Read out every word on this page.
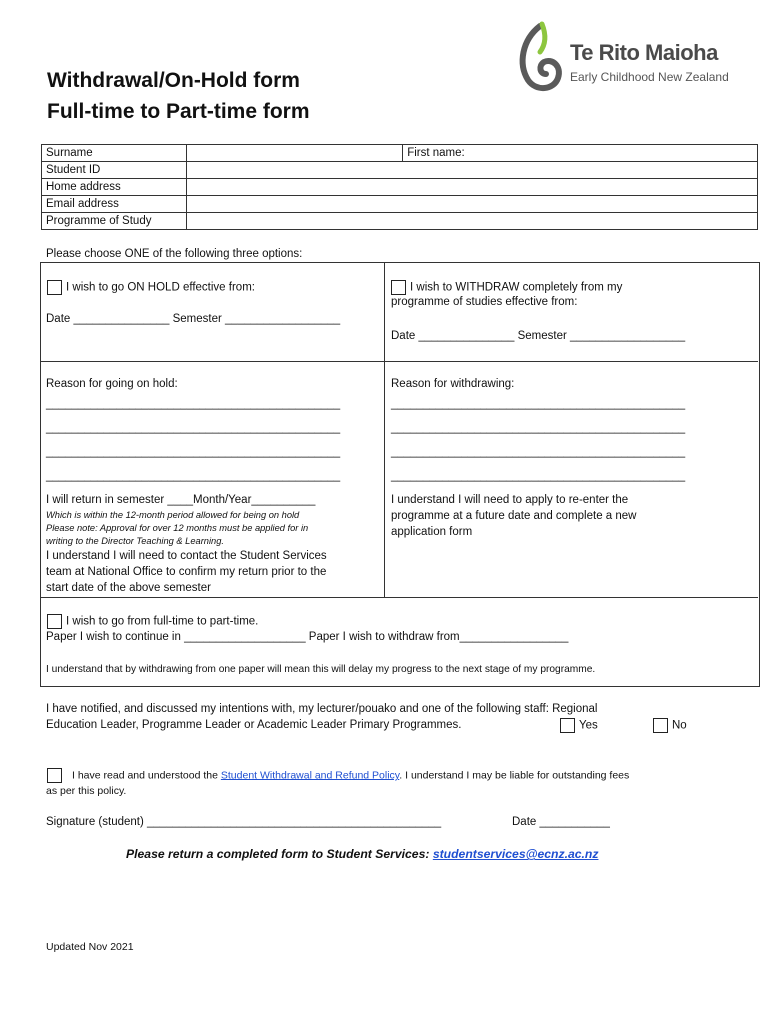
Te Rito Maioha
Early Childhood New Zealand
Withdrawal/On-Hold form
Full-time to Part-time form
Surname		First name:
Student ID		
Home address		
Email address		
Programme of Study		
Please choose ONE of the following three options:
I wish to go ON HOLD effective from:
Date _______________ Semester __________________
Reason for going on hold:
______________________________________________
______________________________________________
______________________________________________
______________________________________________
I will return in semester ____Month/Year__________
Which is within the 12-month period allowed for being on hold
Please note: Approval for over 12 months must be applied for in
writing to the Director Teaching & Learning.
I understand I will need to contact the Student Services
team at National Office to confirm my return prior to the
start date of the above semester
I wish to WITHDRAW completely from my
programme of studies effective from:
Date _______________ Semester __________________
Reason for withdrawing:
______________________________________________
______________________________________________
______________________________________________
______________________________________________
I understand I will need to apply to re-enter the
programme at a future date and complete a new
application form
I wish to go from full-time to part-time.
Paper I wish to continue in ___________________ Paper I wish to withdraw from_________________
I understand that by withdrawing from one paper will mean this will delay my progress to the next stage of my programme.
I have notified, and discussed my intentions with, my lecturer/pouako and one of the following staff: Regional
Education Leader, Programme Leader or Academic Leader Primary Programmes.	Yes	No
I have read and understood the Student Withdrawal and Refund Policy. I understand I may be liable for outstanding fees
as per this policy.
Signature (student) ______________________________________________	Date ___________
Please return a completed form to Student Services: studentservices@ecnz.ac.nz
Updated Nov 2021
